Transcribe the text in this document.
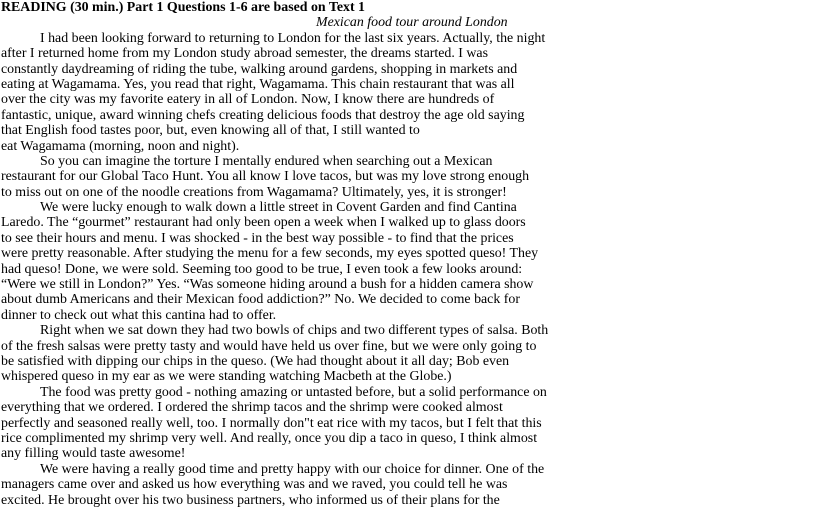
READING (30 min.) Part 1 Questions 1-6 are based on Text 1
Mexican food tour around London
I had been looking forward to returning to London for the last six years. Actually, the night
after I returned home from my London study abroad semester, the dreams started. I was
constantly daydreaming of riding the tube, walking around gardens, shopping in markets and
eating at Wagamama. Yes, you read that right, Wagamama. This chain restaurant that was all
over the city was my favorite eatery in all of London. Now, I know there are hundreds of
fantastic, unique, award winning chefs creating delicious foods that destroy the age old saying
that English food tastes poor, but, even knowing all of that, I still wanted to
eat Wagamama (morning, noon and night).
So you can imagine the torture I mentally endured when searching out a Mexican
restaurant for our Global Taco Hunt. You all know I love tacos, but was my love strong enough
to miss out on one of the noodle creations from Wagamama? Ultimately, yes, it is stronger!
We were lucky enough to walk down a little street in Covent Garden and find Cantina
Laredo. The “gourmet” restaurant had only been open a week when I walked up to glass doors
to see their hours and menu. I was shocked - in the best way possible - to find that the prices
were pretty reasonable. After studying the menu for a few seconds, my eyes spotted queso! They
had queso! Done, we were sold. Seeming too good to be true, I even took a few looks around:
“Were we still in London?” Yes. “Was someone hiding around a bush for a hidden camera show
about dumb Americans and their Mexican food addiction?” No. We decided to come back for
dinner to check out what this cantina had to offer.
Right when we sat down they had two bowls of chips and two different types of salsa. Both
of the fresh salsas were pretty tasty and would have held us over fine, but we were only going to
be satisfied with dipping our chips in the queso. (We had thought about it all day; Bob even
whispered queso in my ear as we were standing watching Macbeth at the Globe.)
The food was pretty good - nothing amazing or untasted before, but a solid performance on
everything that we ordered. I ordered the shrimp tacos and the shrimp were cooked almost
perfectly and seasoned really well, too. I normally don"t eat rice with my tacos, but I felt that this
rice complimented my shrimp very well. And really, once you dip a taco in queso, I think almost
any filling would taste awesome!
We were having a really good time and pretty happy with our choice for dinner. One of the
managers came over and asked us how everything was and we raved, you could tell he was
excited. He brought over his two business partners, who informed us of their plans for the
